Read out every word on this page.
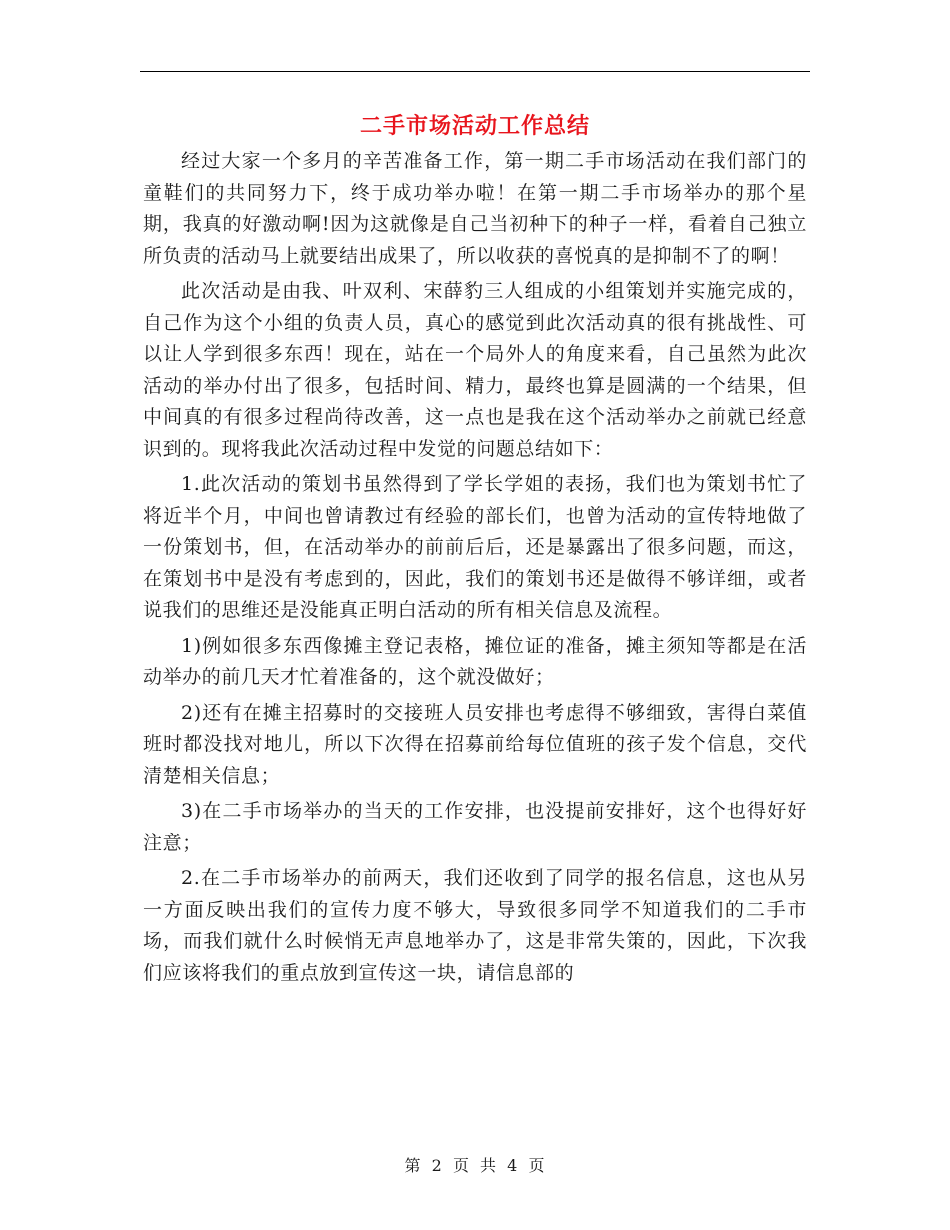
二手市场活动工作总结

经过大家一个多月的辛苦准备工作，第一期二手市场活动在我们部门的童鞋们的共同努力下，终于成功举办啦！在第一期二手市场举办的那个星期，我真的好激动啊!因为这就像是自己当初种下的种子一样，看着自己独立所负责的活动马上就要结出成果了，所以收获的喜悦真的是抑制不了的啊！

此次活动是由我、叶双利、宋薛豹三人组成的小组策划并实施完成的，自己作为这个小组的负责人员，真心的感觉到此次活动真的很有挑战性、可以让人学到很多东西！现在，站在一个局外人的角度来看，自己虽然为此次活动的举办付出了很多，包括时间、精力，最终也算是圆满的一个结果，但中间真的有很多过程尚待改善，这一点也是我在这个活动举办之前就已经意识到的。现将我此次活动过程中发觉的问题总结如下：

1.此次活动的策划书虽然得到了学长学姐的表扬，我们也为策划书忙了将近半个月，中间也曾请教过有经验的部长们，也曾为活动的宣传特地做了一份策划书，但，在活动举办的前前后后，还是暴露出了很多问题，而这，在策划书中是没有考虑到的，因此，我们的策划书还是做得不够详细，或者说我们的思维还是没能真正明白活动的所有相关信息及流程。

1)例如很多东西像摊主登记表格，摊位证的准备，摊主须知等都是在活动举办的前几天才忙着准备的，这个就没做好；

2)还有在摊主招募时的交接班人员安排也考虑得不够细致，害得白菜值班时都没找对地儿，所以下次得在招募前给每位值班的孩子发个信息，交代清楚相关信息；

3)在二手市场举办的当天的工作安排，也没提前安排好，这个也得好好注意；

2.在二手市场举办的前两天，我们还收到了同学的报名信息，这也从另一方面反映出我们的宣传力度不够大，导致很多同学不知道我们的二手市场，而我们就什么时候悄无声息地举办了，这是非常失策的，因此，下次我们应该将我们的重点放到宣传这一块，请信息部的

第 2 页 共 4 页
